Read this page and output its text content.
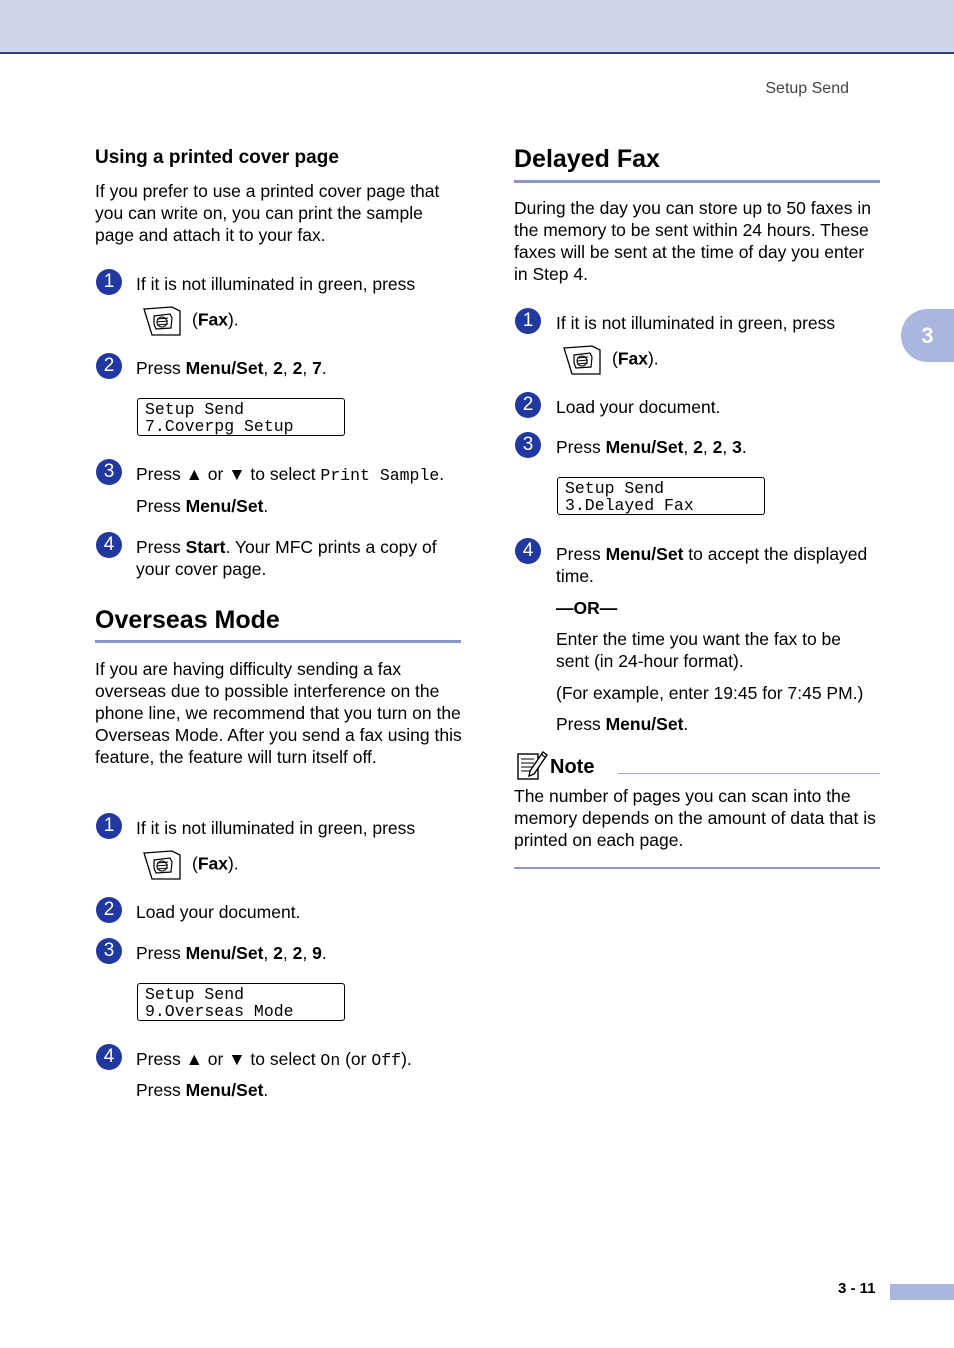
Setup Send
3
3 - 11
Using a printed cover page

If you prefer to use a printed cover page that you can write on, you can print the sample page and attach it to your fax.

1	If it is not illuminated in green, press
(Fax).
2	Press Menu/Set, 2, 2, 7.
Setup Send
7.Coverpg Setup
3	Press ▲ or ▼ to select Print Sample.
Press Menu/Set.
4	Press Start. Your MFC prints a copy of
your cover page.
Overseas Mode

If you are having difficulty sending a fax overseas due to possible interference on the phone line, we recommend that you turn on the Overseas Mode. After you send a fax using this feature, the feature will turn itself off.

1	If it is not illuminated in green, press
(Fax).
2	Load your document.
3	Press Menu/Set, 2, 2, 9.
Setup Send
9.Overseas Mode
4	Press ▲ or ▼ to select On (or Off).
Press Menu/Set.
Delayed Fax

During the day you can store up to 50 faxes in the memory to be sent within 24 hours. These faxes will be sent at the time of day you enter in Step 4.

1	If it is not illuminated in green, press
(Fax).
2	Load your document.
3	Press Menu/Set, 2, 2, 3.
Setup Send
3.Delayed Fax
4	Press Menu/Set to accept the displayed
time.
—OR—
Enter the time you want the fax to be sent (in 24-hour format).
(For example, enter 19:45 for 7:45 PM.)
Press Menu/Set.
Note

The number of pages you can scan into the memory depends on the amount of data that is printed on each page.
